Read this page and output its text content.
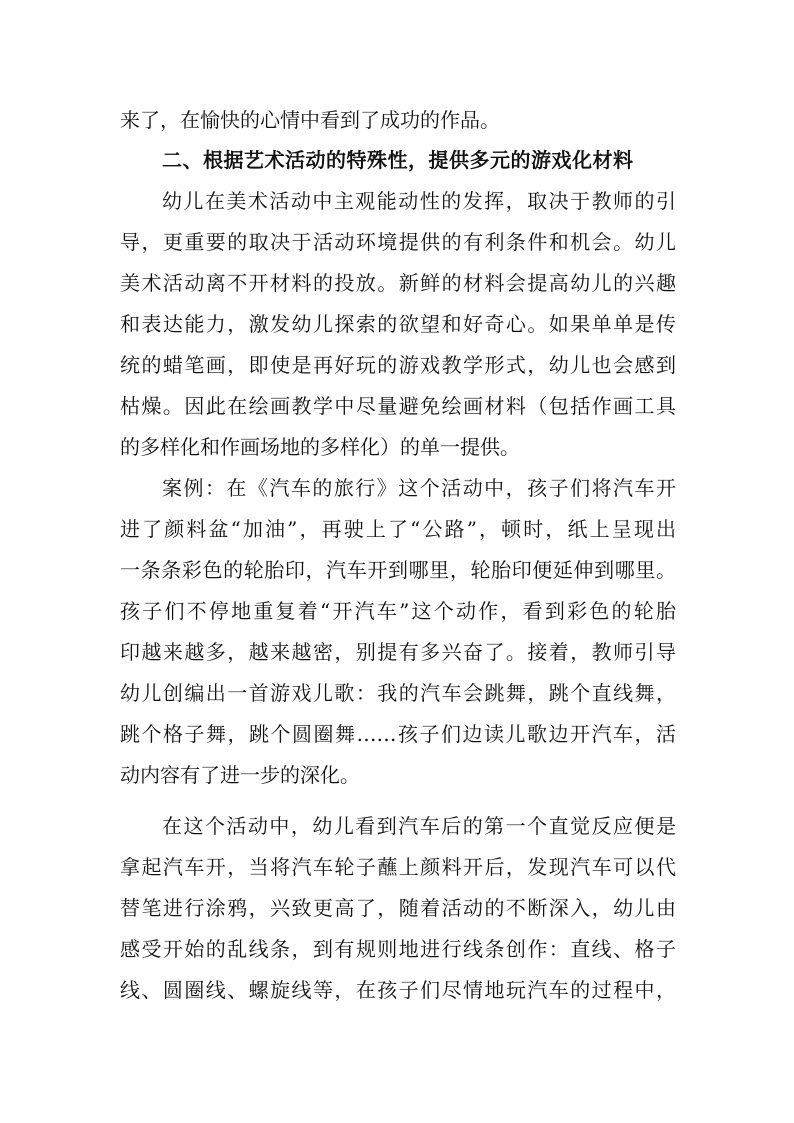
来了，在愉快的心情中看到了成功的作品。
二、根据艺术活动的特殊性，提供多元的游戏化材料
幼儿在美术活动中主观能动性的发挥，取决于教师的引
导，更重要的取决于活动环境提供的有利条件和机会。幼儿
美术活动离不开材料的投放。新鲜的材料会提高幼儿的兴趣
和表达能力，激发幼儿探索的欲望和好奇心。如果单单是传
统的蜡笔画，即使是再好玩的游戏教学形式，幼儿也会感到
枯燥。因此在绘画教学中尽量避免绘画材料（包括作画工具
的多样化和作画场地的多样化）的单一提供。
案例：在《汽车的旅行》这个活动中，孩子们将汽车开
进了颜料盆“加油”，再驶上了“公路”，顿时，纸上呈现出
一条条彩色的轮胎印，汽车开到哪里，轮胎印便延伸到哪里。
孩子们不停地重复着“开汽车”这个动作，看到彩色的轮胎
印越来越多，越来越密，别提有多兴奋了。接着，教师引导
幼儿创编出一首游戏儿歌：我的汽车会跳舞，跳个直线舞，
跳个格子舞，跳个圆圈舞……孩子们边读儿歌边开汽车，活
动内容有了进一步的深化。
在这个活动中，幼儿看到汽车后的第一个直觉反应便是
拿起汽车开，当将汽车轮子蘸上颜料开后，发现汽车可以代
替笔进行涂鸦，兴致更高了，随着活动的不断深入，幼儿由
感受开始的乱线条，到有规则地进行线条创作：直线、格子
线、圆圈线、螺旋线等，在孩子们尽情地玩汽车的过程中，
